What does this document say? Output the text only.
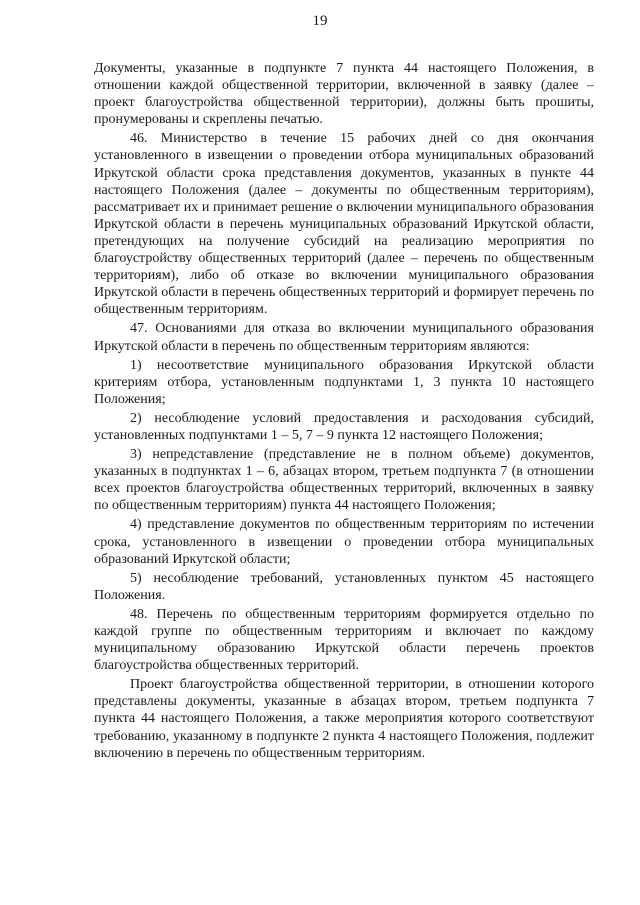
19

Документы, указанные в подпункте 7 пункта 44 настоящего Положения, в отношении каждой общественной территории, включенной в заявку (далее – проект благоустройства общественной территории), должны быть прошиты, пронумерованы и скреплены печатью.

46. Министерство в течение 15 рабочих дней со дня окончания установленного в извещении о проведении отбора муниципальных образований Иркутской области срока представления документов, указанных в пункте 44 настоящего Положения (далее – документы по общественным территориям), рассматривает их и принимает решение о включении муниципального образования Иркутской области в перечень муниципальных образований Иркутской области, претендующих на получение субсидий на реализацию мероприятия по благоустройству общественных территорий (далее – перечень по общественным территориям), либо об отказе во включении муниципального образования Иркутской области в перечень общественных территорий и формирует перечень по общественным территориям.

47. Основаниями для отказа во включении муниципального образования Иркутской области в перечень по общественным территориям являются:

1) несоответствие муниципального образования Иркутской области критериям отбора, установленным подпунктами 1, 3 пункта 10 настоящего Положения;

2) несоблюдение условий предоставления и расходования субсидий, установленных подпунктами 1 – 5, 7 – 9 пункта 12 настоящего Положения;

3) непредставление (представление не в полном объеме) документов, указанных в подпунктах 1 – 6, абзацах втором, третьем подпункта 7 (в отношении всех проектов благоустройства общественных территорий, включенных в заявку по общественным территориям) пункта 44 настоящего Положения;

4) представление документов по общественным территориям по истечении срока, установленного в извещении о проведении отбора муниципальных образований Иркутской области;

5) несоблюдение требований, установленных пунктом 45 настоящего Положения.

48. Перечень по общественным территориям формируется отдельно по каждой группе по общественным территориям и включает по каждому муниципальному образованию Иркутской области перечень проектов благоустройства общественных территорий.

Проект благоустройства общественной территории, в отношении которого представлены документы, указанные в абзацах втором, третьем подпункта 7 пункта 44 настоящего Положения, а также мероприятия которого соответствуют требованию, указанному в подпункте 2 пункта 4 настоящего Положения, подлежит включению в перечень по общественным территориям.
